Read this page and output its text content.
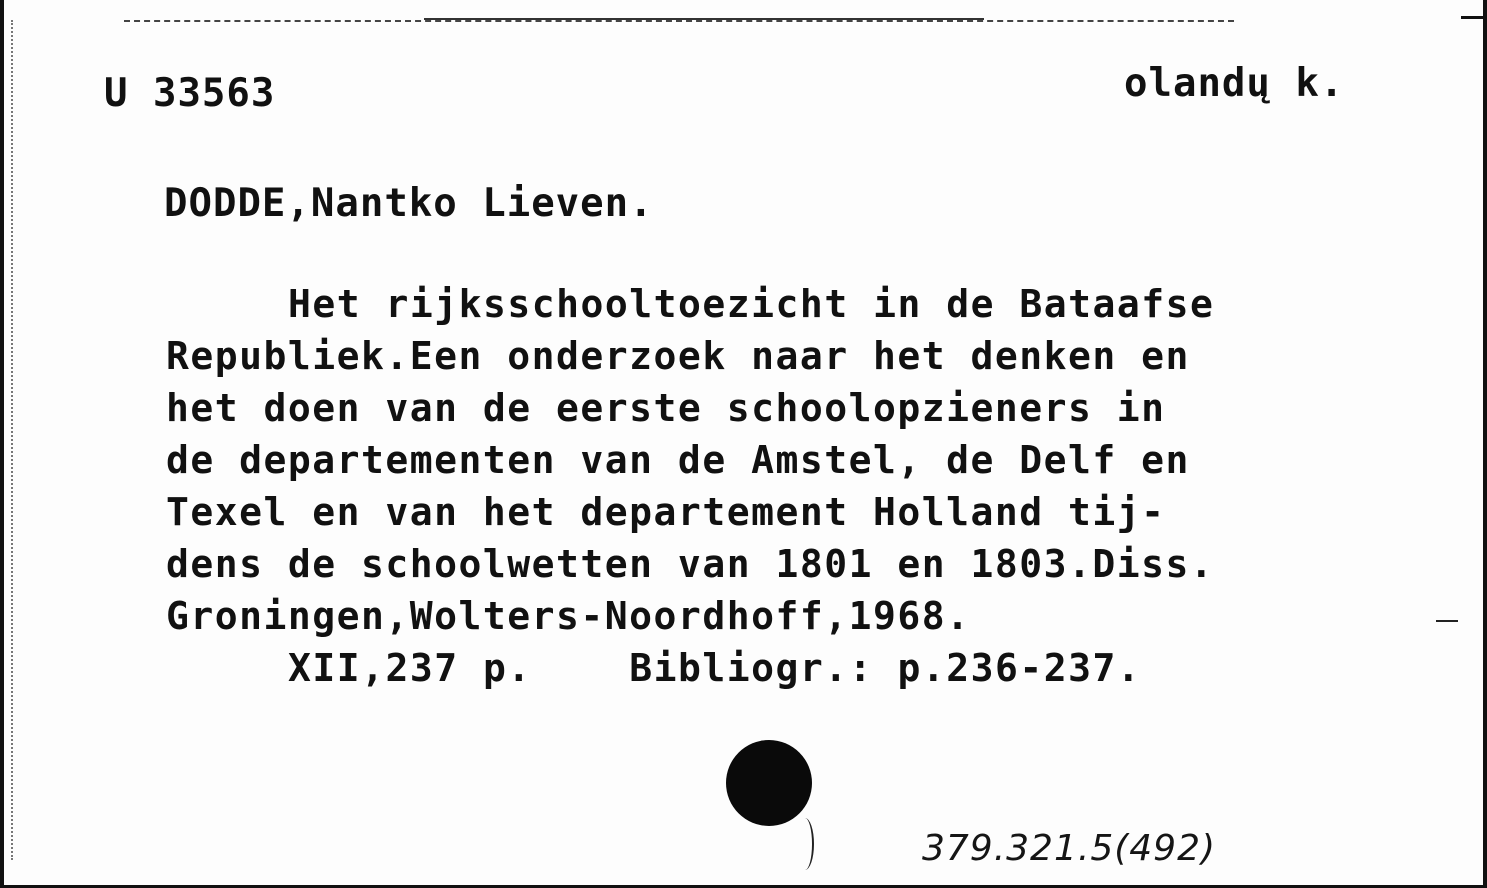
U 33563	olandų k.
DODDE,Nantko Lieven.
Het rijksschooltoezicht in de Bataafse
Republiek.Een onderzoek naar het denken en
het doen van de eerste schoolopzieners in
de departementen van de Amstel, de Delf en
Texel en van het departement Holland tij-
dens de schoolwetten van 1801 en 1803.Diss.
Groningen,Wolters-Noordhoff,1968.
XII,237 p.    Bibliogr.: p.236-237.
379.321.5(492)
